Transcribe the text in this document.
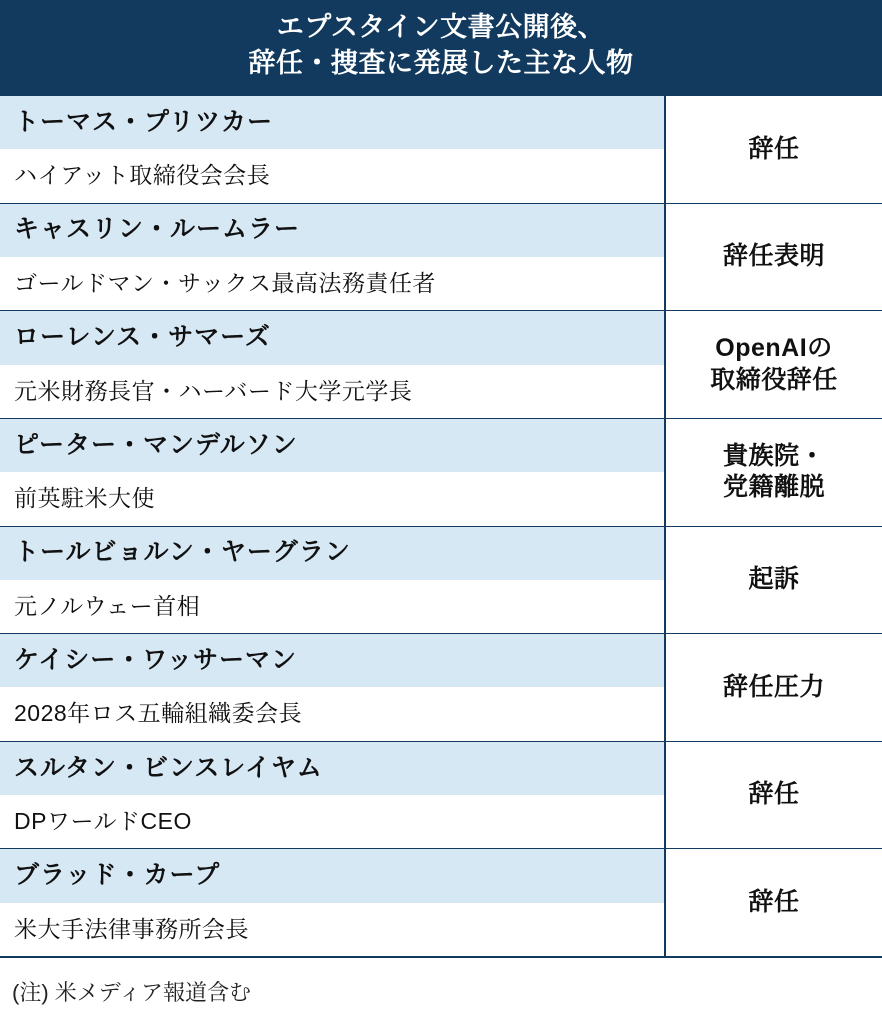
エプスタイン文書公開後、
辞任・捜査に発展した主な人物
トーマス・プリツカー
ハイアット取締役会会長
辞任
キャスリン・ルームラー
ゴールドマン・サックス最高法務責任者
辞任表明
ローレンス・サマーズ
元米財務長官・ハーバード大学元学長
OpenAIの
取締役辞任
ピーター・マンデルソン
前英駐米大使
貴族院・
党籍離脱
トールビョルン・ヤーグラン
元ノルウェー首相
起訴
ケイシー・ワッサーマン
2028年ロス五輪組織委会長
辞任圧力
スルタン・ビンスレイヤム
DPワールドCEO
辞任
ブラッド・カープ
米大手法律事務所会長
辞任
(注) 米メディア報道含む
